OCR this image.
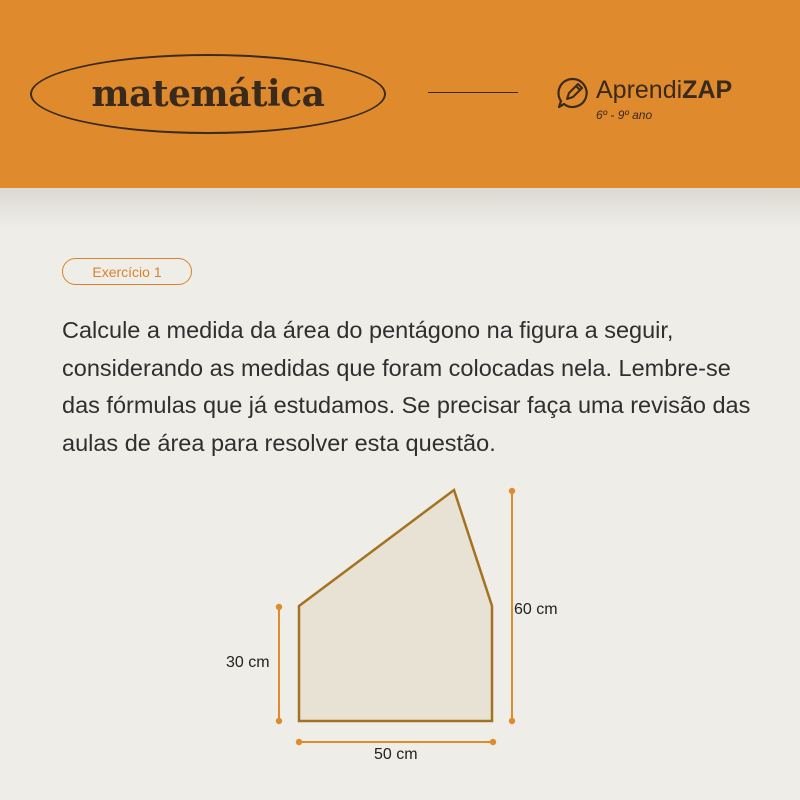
matemática	AprendiZAP
6º - 9º ano
Exercício 1
Calcule a medida da área do pentágono na figura a seguir, considerando as medidas que foram colocadas nela. Lembre-se das fórmulas que já estudamos. Se precisar faça uma revisão das aulas de área para resolver esta questão.
60 cm
30 cm
50 cm
